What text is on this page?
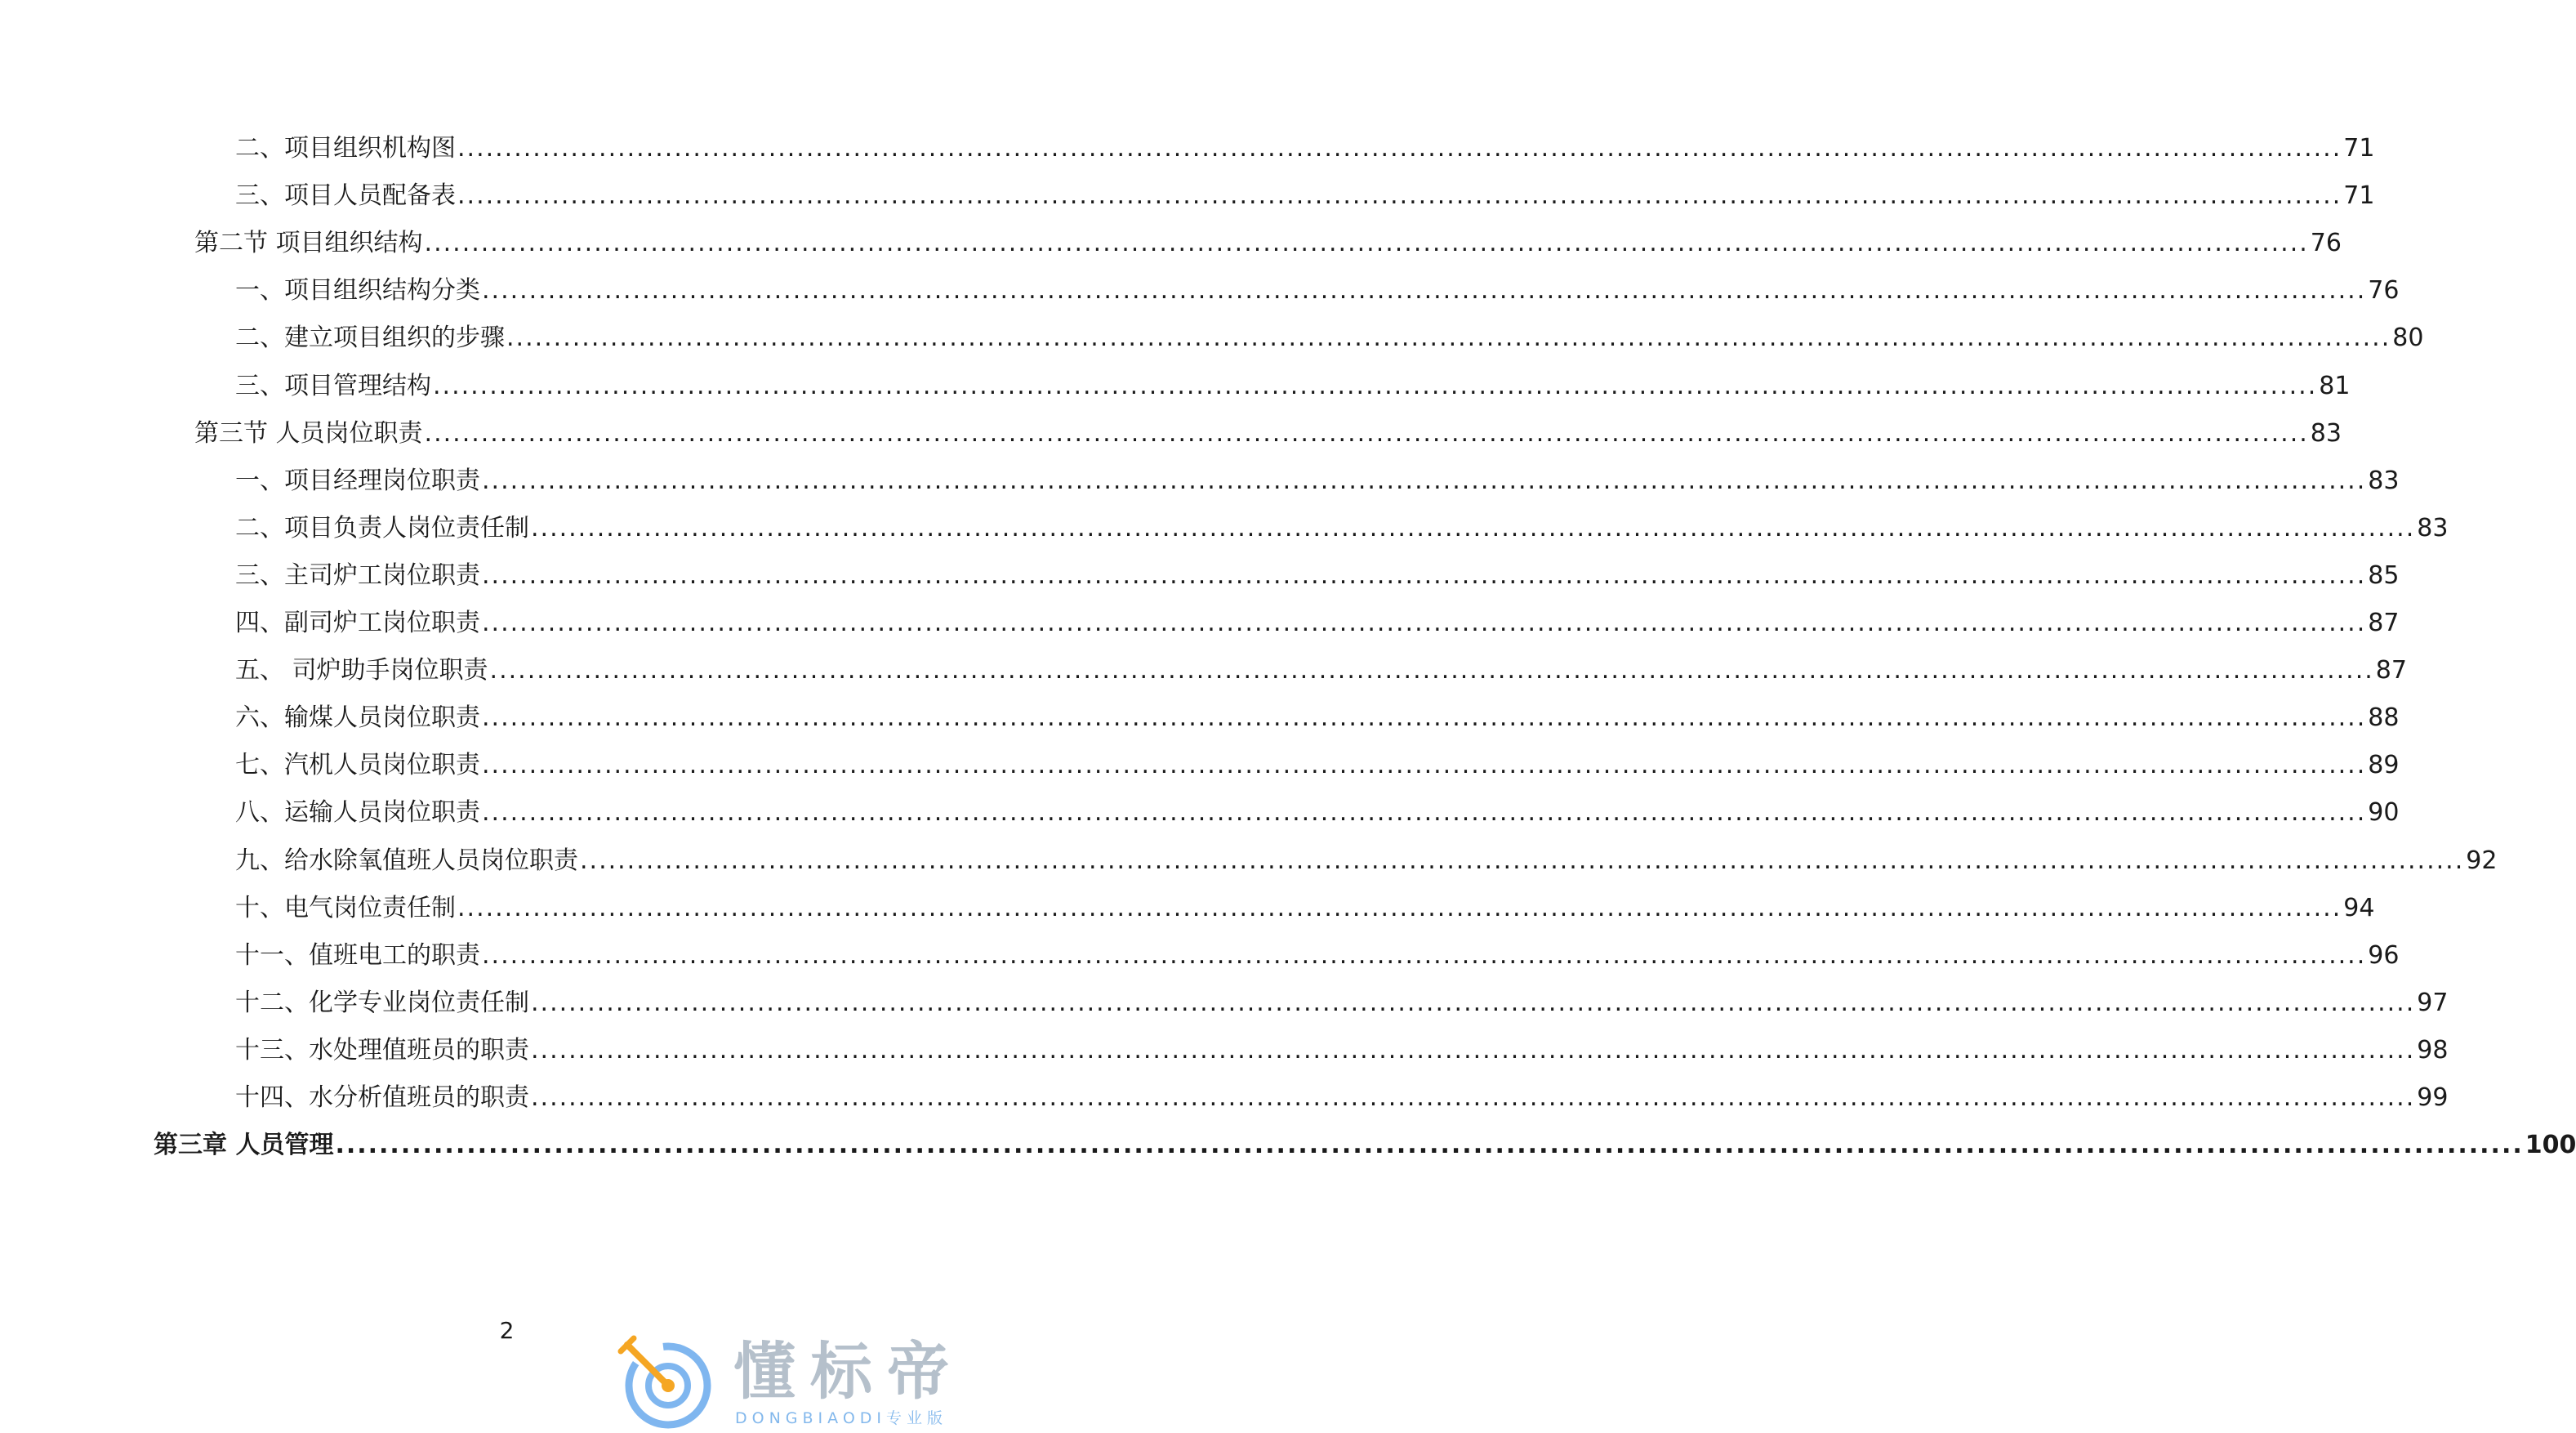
二、项目组织机构图 ........................................................................................................................................................................................................ 71
三、项目人员配备表 ........................................................................................................................................................................................................ 71
第二节 项目组织结构 ........................................................................................................................................................................................................ 76
一、项目组织结构分类 ........................................................................................................................................................................................................ 76
二、建立项目组织的步骤 ........................................................................................................................................................................................................ 80
三、项目管理结构 ........................................................................................................................................................................................................ 81
第三节 人员岗位职责 ........................................................................................................................................................................................................ 83
一、项目经理岗位职责 ........................................................................................................................................................................................................ 83
二、项目负责人岗位责任制 ........................................................................................................................................................................................................ 83
三、主司炉工岗位职责 ........................................................................................................................................................................................................ 85
四、副司炉工岗位职责 ........................................................................................................................................................................................................ 87
五、 司炉助手岗位职责 ........................................................................................................................................................................................................ 87
六、输煤人员岗位职责 ........................................................................................................................................................................................................ 88
七、汽机人员岗位职责 ........................................................................................................................................................................................................ 89
八、运输人员岗位职责 ........................................................................................................................................................................................................ 90
九、给水除氧值班人员岗位职责 ........................................................................................................................................................................................................ 92
十、电气岗位责任制 ........................................................................................................................................................................................................ 94
十一、值班电工的职责 ........................................................................................................................................................................................................ 96
十二、化学专业岗位责任制 ........................................................................................................................................................................................................ 97
十三、水处理值班员的职责 ........................................................................................................................................................................................................ 98
十四、水分析值班员的职责 ........................................................................................................................................................................................................ 99
第三章 人员管理 ........................................................................................................................................................................................................ 100
2
懂标帝
DONGBIAODI专业版
